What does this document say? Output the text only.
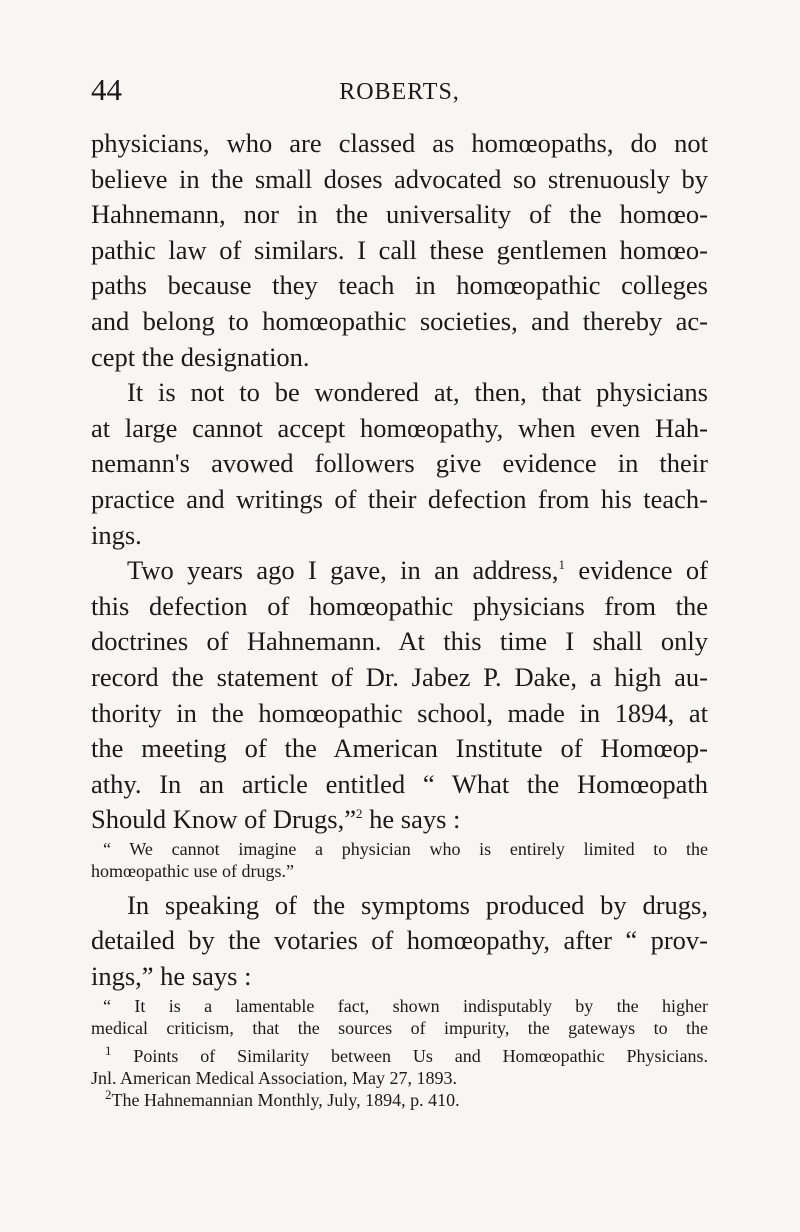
44	ROBERTS,
physicians, who are classed as homœopaths, do not
believe in the small doses advocated so strenuously by
Hahnemann, nor in the universality of the homœo-
pathic law of similars. I call these gentlemen homœo-
paths because they teach in homœopathic colleges
and belong to homœopathic societies, and thereby ac-
cept the designation.
It is not to be wondered at, then, that physicians
at large cannot accept homœopathy, when even Hah-
nemann's avowed followers give evidence in their
practice and writings of their defection from his teach-
ings.
Two years ago I gave, in an address,$^1$ evidence of
this defection of homœopathic physicians from the
doctrines of Hahnemann. At this time I shall only
record the statement of Dr. Jabez P. Dake, a high au-
thority in the homœopathic school, made in 1894, at
the meeting of the American Institute of Homœop-
athy. In an article entitled “ What the Homœopath
Should Know of Drugs,”$^2$ he says :
“ We cannot imagine a physician who is entirely limited to the
homœopathic use of drugs.”
In speaking of the symptoms produced by drugs,
detailed by the votaries of homœopathy, after “ prov-
ings,” he says :
“ It is a lamentable fact, shown indisputably by the higher
medical criticism, that the sources of impurity, the gateways to the
$^1$ Points of Similarity between Us and Homœopathic Physicians.
Jnl. American Medical Association, May 27, 1893.
$^2$The Hahnemannian Monthly, July, 1894, p. 410.
